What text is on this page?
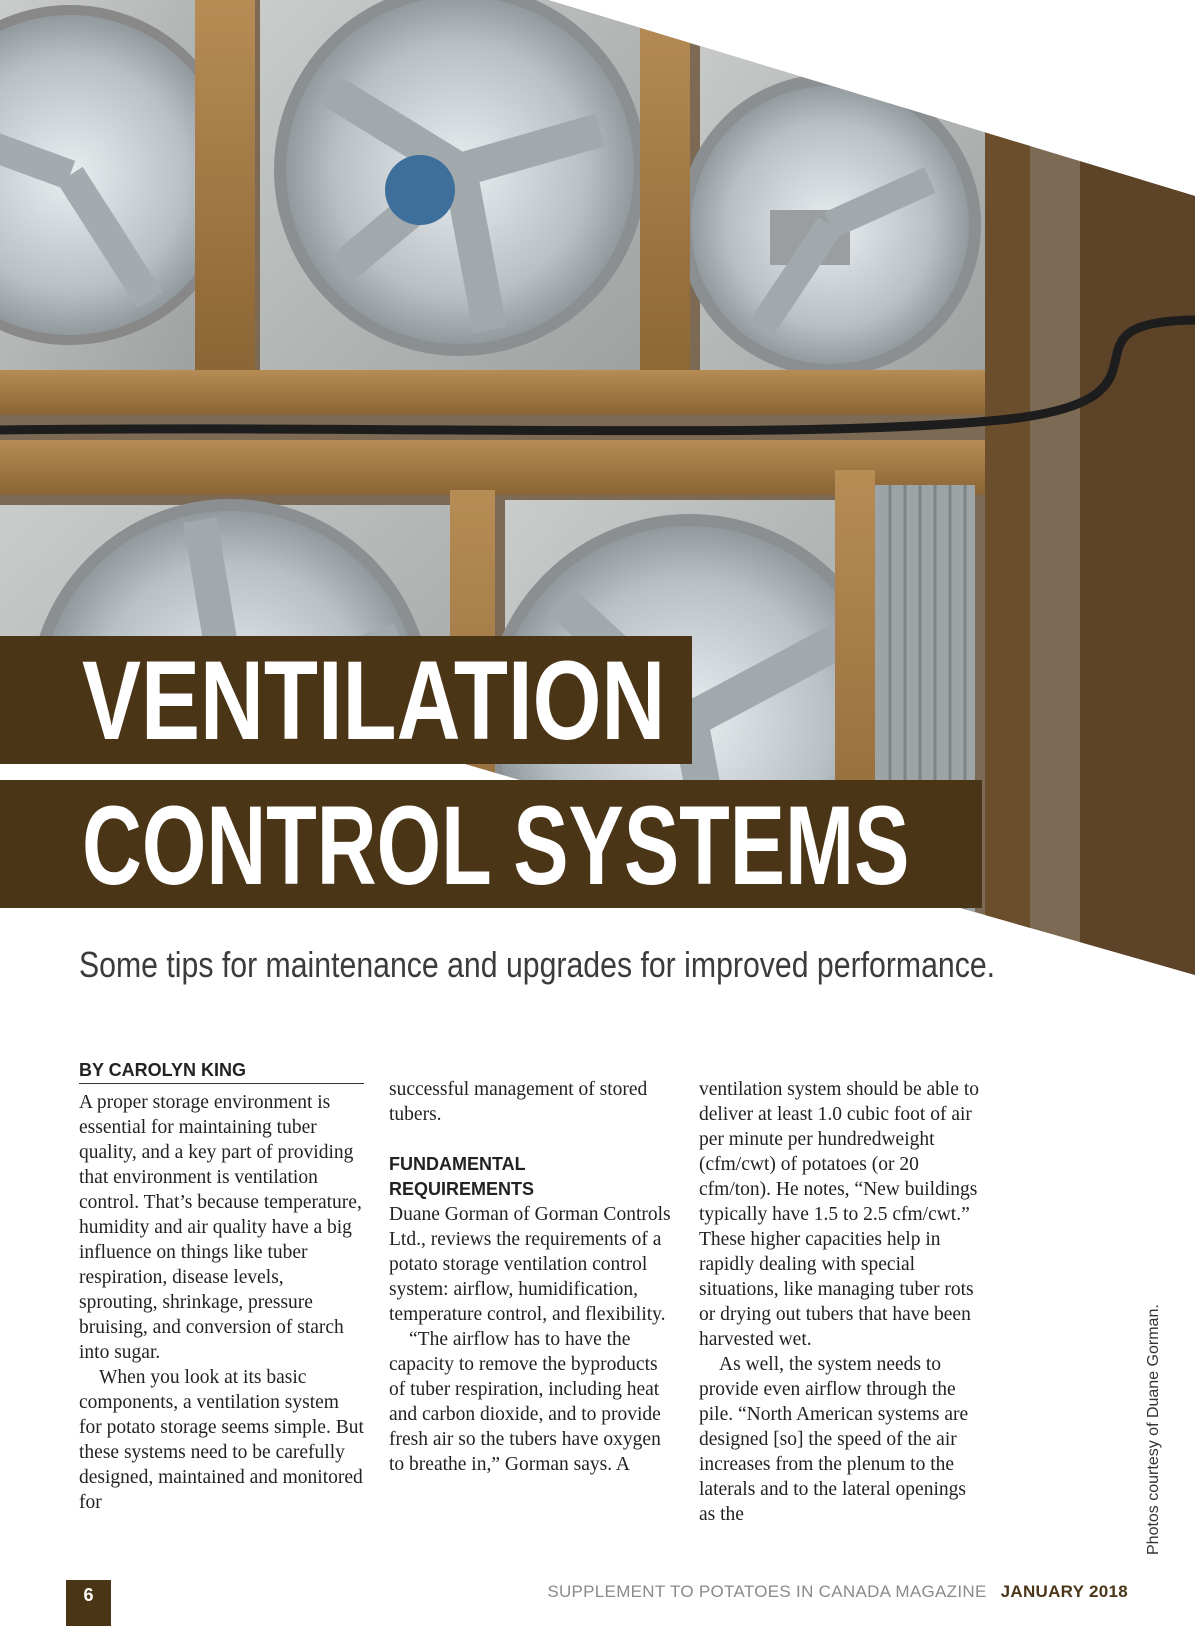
VENTILATION
CONTROL SYSTEMS
Some tips for maintenance and upgrades for improved performance.
BY CAROLYN KING

A proper storage environment is essential for maintaining tuber quality, and a key part of providing that environment is ventilation control. That’s because temperature, humidity and air quality have a big influence on things like tuber respiration, disease levels, sprouting, shrinkage, pressure bruising, and conversion of starch into sugar.

When you look at its basic components, a ventilation system for potato storage seems simple. But these systems need to be carefully designed, maintained and monitored for

successful management of stored tubers.

FUNDAMENTAL
REQUIREMENTS

Duane Gorman of Gorman Controls Ltd., reviews the requirements of a potato storage ventilation control system: airflow, humidification, temperature control, and flexibility.

“The airflow has to have the capacity to remove the byproducts of tuber respiration, including heat and carbon dioxide, and to provide fresh air so the tubers have oxygen to breathe in,” Gorman says. A

ventilation system should be able to deliver at least 1.0 cubic foot of air per minute per hundredweight (cfm/cwt) of potatoes (or 20 cfm/ton). He notes, “New buildings typically have 1.5 to 2.5 cfm/cwt.” These higher capacities help in rapidly dealing with special situations, like managing tuber rots or drying out tubers that have been harvested wet.

As well, the system needs to provide even airflow through the pile. “North American systems are designed [so] the speed of the air increases from the plenum to the laterals and to the lateral openings as the	Photos courtesy of Duane Gorman.
6	SUPPLEMENT TO POTATOES IN CANADA MAGAZINE JANUARY 2018
